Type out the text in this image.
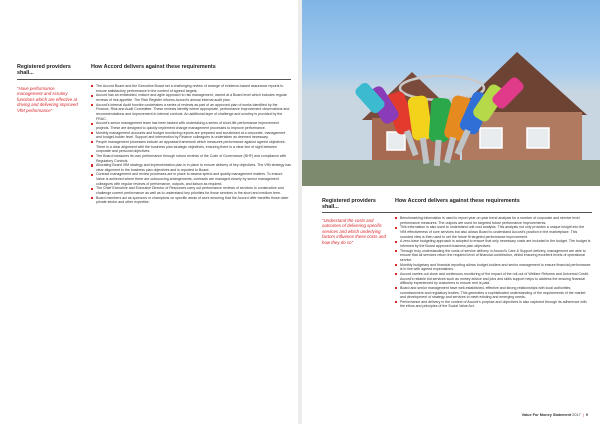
Registered providers shall...
How Accord delivers against these requirements
“Have performance management and scrutiny functions which are effective at driving and delivering improved VfM performance”
The Accord Board and the Executive Board set a challenging review of arrange of evidence-based assurance reports to ensure satisfactory performance in the context of agreed targets.
Accord has an embedded, mature and agile approach to risk management, owned at a Board level which includes regular reviews of risk appetite. The Risk Register informs Accord’s annual internal audit plan.
Accord’s internal Audit function undertakes a series of reviews as part of an approved plan of works identified by the Finance, Risk and Audit Committee. These reviews identify where appropriate, performance improvement observations and recommendations and improvement in internal controls. An additional layer of challenge and scrutiny is provided by the FRAC.
Accord’s senior management team has been tasked with undertaking a series of short-life performance improvement projects. These are designed to quickly implement change management processes to improve performance.
Monthly management accounts and budget monitoring reports are prepared and scrutinised at a corporate, management and budget-holder level. Support and intervention by Finance colleagues is undertaken as deemed necessary.
People management processes include an appraisal framework which measures performance against agreed objectives. There is a clear alignment with the business plan strategic objectives, ensuring there is a clear line of sight between corporate and personal objectives.
The Board measures its own performance through robust reviews of the Code of Governance (NHF) and compliance with Regulatory Controls.
Allocating Board VfM strategy and implementation plan is in place to ensure delivery of key objectives. The VfM strategy has clear alignment to the business plan objectives and is reported to Board.
Contract management and review processes are in place to assess spend and quality management matters. To ensure Value is achieved where there are outsourcing arrangements, contracts are managed closely by senior management colleagues with regular reviews of performance, outputs, and liaison as required.
The Chief Executive and Executive Director of Resources carry out performance reviews of services to constructive and challenge current performance as well as to understand key priorities for those services in the short and medium term.
Board members act as sponsors or champions on specific areas of work ensuring that the Accord offer benefits those older private sector and other expertise.	Registered providers shall...
How Accord delivers against these requirements
“Understand the costs and outcomes of delivering specific services and which underlying factors influence these costs and how they do so”
Benchmarking information is used to report year on year trend analysis for a number of corporate and service level performance measures. The outputs are used for targeted future performance improvements.
This information is also used to understand unit cost analysis. This analysis not only provides a unique insight into the VfM effectiveness of core services but also allows Board to understand Accord’s position in the marketplace. This rounded view is then used to set the future fit targeted performance improvement.
A zero-base budgeting approach is adopted to ensure that only necessary costs are included in the budget. The budget is informed by the Board approved business plan objectives.
Through truly understanding the costs of service delivery in Accord’s Care & Support delivery, management are able to ensure that all services return the required level of financial contribution, whilst ensuring excellent levels of operational service.
Monthly budgetary and financial reporting allows budget-holders and senior management to ensure financial performance is in line with agreed expectations.
Accord carries out close and continuous monitoring of the impact of the roll-out of Welfare Reforms and Universal Credit. Accord’s reliable bid services such as money advice and jobs and skills support helps to address the ensuing financial difficulty experienced by customers to ensure rent is paid.
Board and senior management have well-established, effective and strong relationships with local authorities, commissioners and regulatory bodies. This generates a sophisticated understanding of the requirements of the market and development of strategy and services to meet existing and emerging needs.
Performance and delivery in the context of Accord’s purpose and objectives is also captured through its adherence with the ethos and principles of the Social Value Act.
Value For Money Statement 2017 | 9
